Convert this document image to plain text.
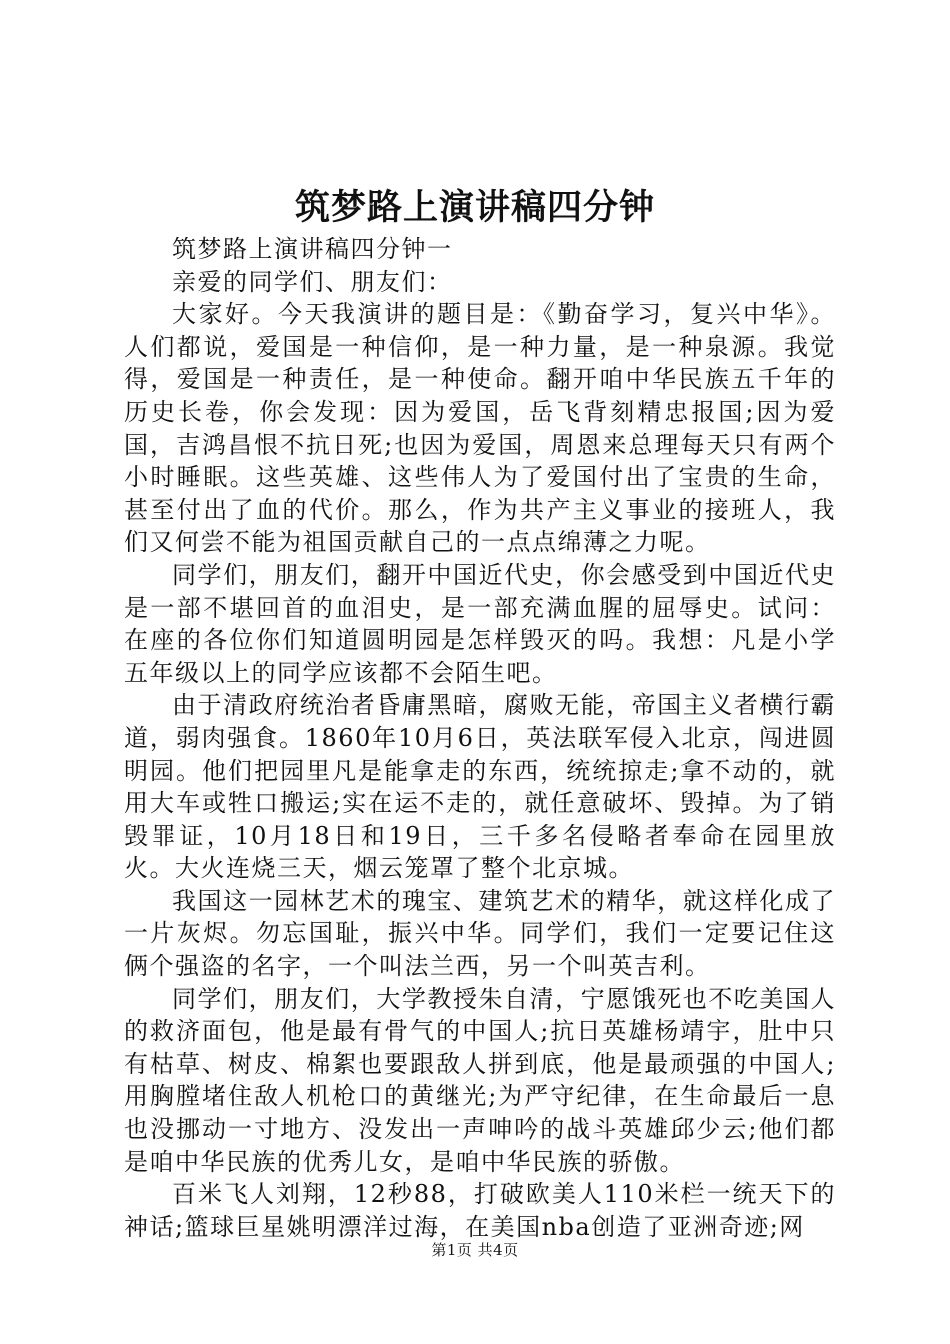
筑梦路上演讲稿四分钟

筑梦路上演讲稿四分钟一

亲爱的同学们、朋友们：

大家好。今天我演讲的题目是：《勤奋学习，复兴中华》。人们都说，爱国是一种信仰，是一种力量，是一种泉源。我觉得，爱国是一种责任，是一种使命。翻开咱中华民族五千年的历史长卷，你会发现：因为爱国，岳飞背刻精忠报国;因为爱国，吉鸿昌恨不抗日死;也因为爱国，周恩来总理每天只有两个小时睡眠。这些英雄、这些伟人为了爱国付出了宝贵的生命，甚至付出了血的代价。那么，作为共产主义事业的接班人，我们又何尝不能为祖国贡献自己的一点点绵薄之力呢。

同学们，朋友们，翻开中国近代史，你会感受到中国近代史是一部不堪回首的血泪史，是一部充满血腥的屈辱史。试问：在座的各位你们知道圆明园是怎样毁灭的吗。我想：凡是小学五年级以上的同学应该都不会陌生吧。

由于清政府统治者昏庸黑暗，腐败无能，帝国主义者横行霸道，弱肉强食。1860年10月6日，英法联军侵入北京，闯进圆明园。他们把园里凡是能拿走的东西，统统掠走;拿不动的，就用大车或牲口搬运;实在运不走的，就任意破坏、毁掉。为了销毁罪证，10月18日和19日，三千多名侵略者奉命在园里放火。大火连烧三天，烟云笼罩了整个北京城。

我国这一园林艺术的瑰宝、建筑艺术的精华，就这样化成了一片灰烬。勿忘国耻，振兴中华。同学们，我们一定要记住这俩个强盗的名字，一个叫法兰西，另一个叫英吉利。

同学们，朋友们，大学教授朱自清，宁愿饿死也不吃美国人的救济面包，他是最有骨气的中国人;抗日英雄杨靖宇，肚中只有枯草、树皮、棉絮也要跟敌人拼到底，他是最顽强的中国人;用胸膛堵住敌人机枪口的黄继光;为严守纪律，在生命最后一息也没挪动一寸地方、没发出一声呻吟的战斗英雄邱少云;他们都是咱中华民族的优秀儿女，是咱中华民族的骄傲。

百米飞人刘翔，12秒88，打破欧美人110米栏一统天下的神话;篮球巨星姚明漂洋过海，在美国nba创造了亚洲奇迹;网

第1页 共4页
